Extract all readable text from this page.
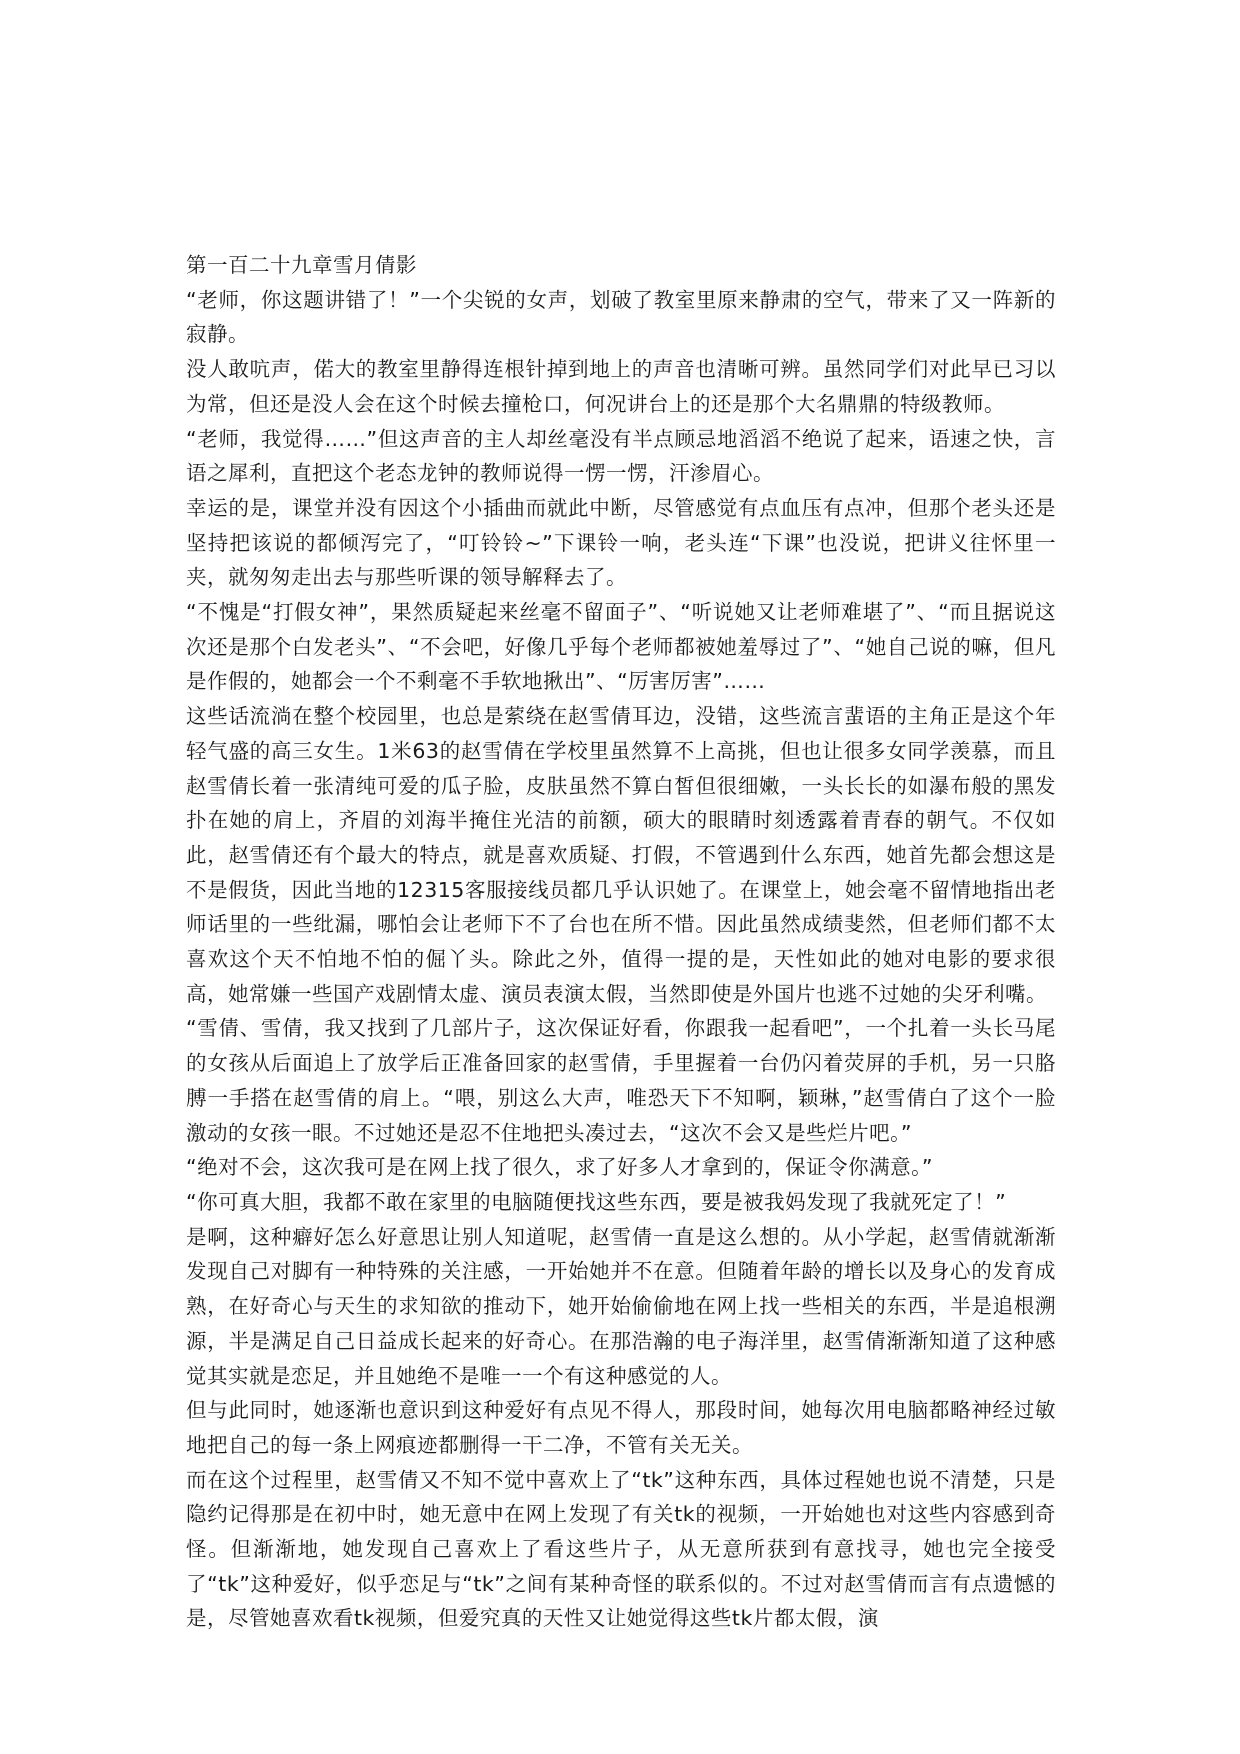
第一百二十九章雪月倩影

“老师，你这题讲错了！”一个尖锐的女声，划破了教室里原来静肃的空气，带来了又一阵新的寂静。

没人敢吭声，偌大的教室里静得连根针掉到地上的声音也清晰可辨。虽然同学们对此早已习以为常，但还是没人会在这个时候去撞枪口，何况讲台上的还是那个大名鼎鼎的特级教师。

“老师，我觉得……”但这声音的主人却丝毫没有半点顾忌地滔滔不绝说了起来，语速之快，言语之犀利，直把这个老态龙钟的教师说得一愣一愣，汗渗眉心。

幸运的是，课堂并没有因这个小插曲而就此中断，尽管感觉有点血压有点冲，但那个老头还是坚持把该说的都倾泻完了，“叮铃铃~”下课铃一响，老头连“下课”也没说，把讲义往怀里一夹，就匆匆走出去与那些听课的领导解释去了。

“不愧是“打假女神”，果然质疑起来丝毫不留面子”、“听说她又让老师难堪了”、“而且据说这次还是那个白发老头”、“不会吧，好像几乎每个老师都被她羞辱过了”、“她自己说的嘛，但凡是作假的，她都会一个不剩毫不手软地揪出”、“厉害厉害”……

这些话流淌在整个校园里，也总是萦绕在赵雪倩耳边，没错，这些流言蜚语的主角正是这个年轻气盛的高三女生。1米63的赵雪倩在学校里虽然算不上高挑，但也让很多女同学羡慕，而且赵雪倩长着一张清纯可爱的瓜子脸，皮肤虽然不算白皙但很细嫩，一头长长的如瀑布般的黑发扑在她的肩上，齐眉的刘海半掩住光洁的前额，硕大的眼睛时刻透露着青春的朝气。不仅如此，赵雪倩还有个最大的特点，就是喜欢质疑、打假，不管遇到什么东西，她首先都会想这是不是假货，因此当地的12315客服接线员都几乎认识她了。在课堂上，她会毫不留情地指出老师话里的一些纰漏，哪怕会让老师下不了台也在所不惜。因此虽然成绩斐然，但老师们都不太喜欢这个天不怕地不怕的倔丫头。除此之外，值得一提的是，天性如此的她对电影的要求很高，她常嫌一些国产戏剧情太虚、演员表演太假，当然即使是外国片也逃不过她的尖牙利嘴。

“雪倩、雪倩，我又找到了几部片子，这次保证好看，你跟我一起看吧”，一个扎着一头长马尾的女孩从后面追上了放学后正准备回家的赵雪倩，手里握着一台仍闪着荧屏的手机，另一只胳膊一手搭在赵雪倩的肩上。“喂，别这么大声，唯恐天下不知啊，颖琳，”赵雪倩白了这个一脸激动的女孩一眼。不过她还是忍不住地把头凑过去，“这次不会又是些烂片吧。”

“绝对不会，这次我可是在网上找了很久，求了好多人才拿到的，保证令你满意。”

“你可真大胆，我都不敢在家里的电脑随便找这些东西，要是被我妈发现了我就死定了！”

是啊，这种癖好怎么好意思让别人知道呢，赵雪倩一直是这么想的。从小学起，赵雪倩就渐渐发现自己对脚有一种特殊的关注感，一开始她并不在意。但随着年龄的增长以及身心的发育成熟，在好奇心与天生的求知欲的推动下，她开始偷偷地在网上找一些相关的东西，半是追根溯源，半是满足自己日益成长起来的好奇心。在那浩瀚的电子海洋里，赵雪倩渐渐知道了这种感觉其实就是恋足，并且她绝不是唯一一个有这种感觉的人。

但与此同时，她逐渐也意识到这种爱好有点见不得人，那段时间，她每次用电脑都略神经过敏地把自己的每一条上网痕迹都删得一干二净，不管有关无关。

而在这个过程里，赵雪倩又不知不觉中喜欢上了“tk”这种东西，具体过程她也说不清楚，只是隐约记得那是在初中时，她无意中在网上发现了有关tk的视频，一开始她也对这些内容感到奇怪。但渐渐地，她发现自己喜欢上了看这些片子，从无意所获到有意找寻，她也完全接受了“tk”这种爱好，似乎恋足与“tk”之间有某种奇怪的联系似的。不过对赵雪倩而言有点遗憾的是，尽管她喜欢看tk视频，但爱究真的天性又让她觉得这些tk片都太假，演
